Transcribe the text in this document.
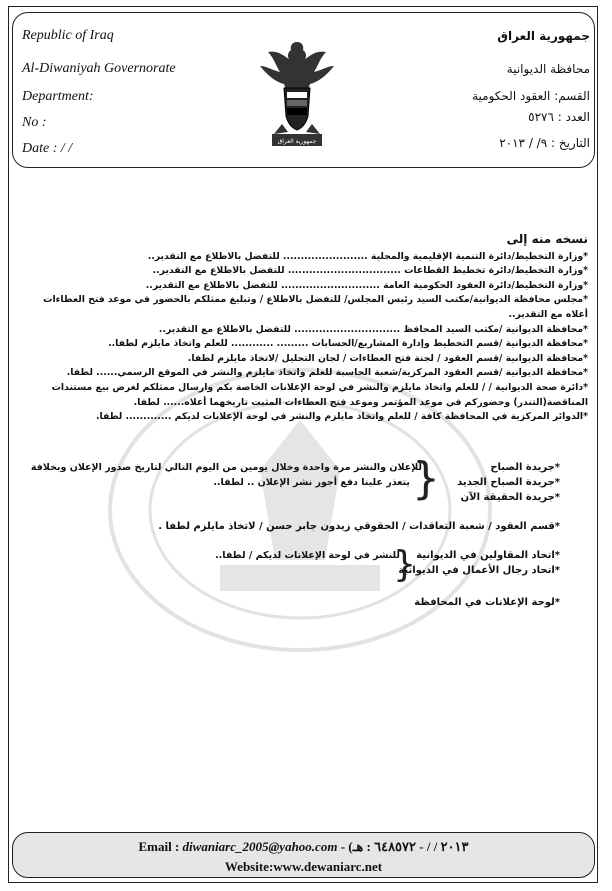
Republic of Iraq
Al-Diwaniyah Governorate
Department:
No :
Date : / /
جمهورية العراق
محافظة الديوانية
القسم: العقود الحكومية
العدد : ٥٢٧٦
التاريخ : ٩/ / ٢٠١٣
جمهورية العراق
نسخه منه إلى
*وزارة التخطيط/دائرة التنمية الإقليمية والمحلية ........................ للتفضل بالاطلاع مع التقدير..
*وزارة التخطيط/دائرة تخطيط القطاعات ................................ للتفضل بالاطلاع مع التقدير..
*وزارة التخطيط/دائرة العقود الحكومية العامة ............................ للتفضل بالاطلاع مع التقدير..
*مجلس محافظة الديوانية/مكتب السيد رئيس المجلس/ للتفضل بالاطلاع / وتبليغ ممثلكم بالحضور في موعد فتح العطاءات أعلاه مع التقدير..
*محافظة الديوانية /مكتب السيد المحافظ .............................. للتفضل بالاطلاع مع التقدير..
*محافظة الديوانية /قسم التخطيط وإدارة المشاريع/الحسابات ......... ............ للعلم واتخاذ مايلزم لطفا..
*محافظة الديوانية /قسم العقود / لجنة فتح العطاءات / لجان التحليل /لاتخاذ مايلزم لطفا.
*محافظة الديوانية /قسم العقود المركزية/شعبة الحاسبة للعلم واتخاذ مايلزم والنشر في الموقع الرسمي...... لطفا.
*دائرة صحة الديوانية / / للعلم واتخاذ مايلزم والنشر في لوحة الإعلانات الخاصة بكم وارسال ممثلكم لغرض بيع مستندات المناقصة(التندر) وحضوركم في موعد المؤتمر وموعد فتح العطاءات المثبت تاريخهما أعلاه...... لطفا.
*الدوائر المركزية في المحافظة كافة / للعلم واتخاذ مايلزم والنشر في لوحة الإعلانات لديكم ............. لطفا.
*جريدة الصباح
*جريدة الصباح الجديد
*جريدة الحقيقة الآن
{
للإعلان والنشر مرة واحدة وخلال يومين من اليوم التالي لتاريخ صدور الإعلان وبخلافة
يتعذر علينا دفع أجور نشر الإعلان .. لطفا..
*قسم العقود / شعبة التعاقدات / الحقوقي زيدون جابر حسن / لاتخاذ مايلزم لطفا .
*اتحاد المقاولين في الديوانية
*اتحاد رجال الأعمال في الديوانية
{
للنشر في لوحة الإعلانات لديكم / لطفا..
*لوحة الإعلانات في المحافظة
Email : diwaniarc_2005@yahoo.com - (٢٠١٣ / / - ٦٤٨٥٧٢ : هـ
Website:www.dewaniarc.net
